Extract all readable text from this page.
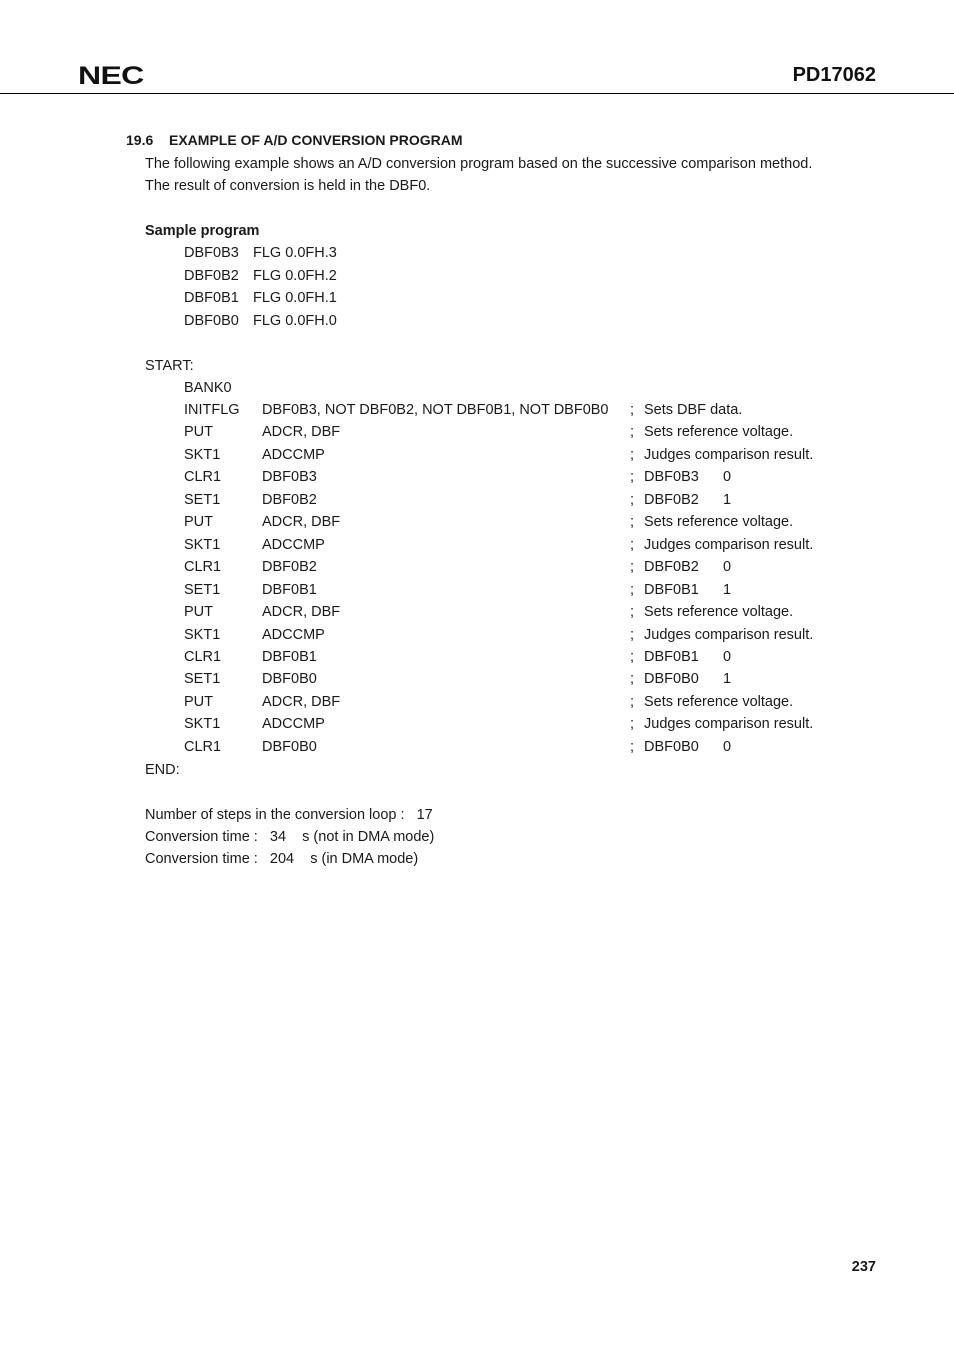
NEC	PD17062
19.6 EXAMPLE OF A/D CONVERSION PROGRAM
The following example shows an A/D conversion program based on the successive comparison method.
The result of conversion is held in the DBF0.
Sample program
DBF0B3 FLG 0.0FH.3
DBF0B2 FLG 0.0FH.2
DBF0B1 FLG 0.0FH.1
DBF0B0 FLG 0.0FH.0
START:
BANK0
INITFLG DBF0B3, NOT DBF0B2, NOT DBF0B1, NOT DBF0B0 ; Sets DBF data.
PUT	ADCR, DBF	; Sets reference voltage.
SKT1	ADCCMP	; Judges comparison result.
CLR1	DBF0B3	; DBF0B3 0
SET1	DBF0B2	; DBF0B2 1
PUT	ADCR, DBF	; Sets reference voltage.
SKT1	ADCCMP	; Judges comparison result.
CLR1	DBF0B2	; DBF0B2 0
SET1	DBF0B1	; DBF0B1 1
PUT	ADCR, DBF	; Sets reference voltage.
SKT1	ADCCMP	; Judges comparison result.
CLR1	DBF0B1	; DBF0B1 0
SET1	DBF0B0	; DBF0B0 1
PUT	ADCR, DBF	; Sets reference voltage.
SKT1	ADCCMP	; Judges comparison result.
CLR1	DBF0B0	; DBF0B0 0
END:
Number of steps in the conversion loop :   17
Conversion time :   34    s (not in DMA mode)
Conversion time :   204    s (in DMA mode)
237
